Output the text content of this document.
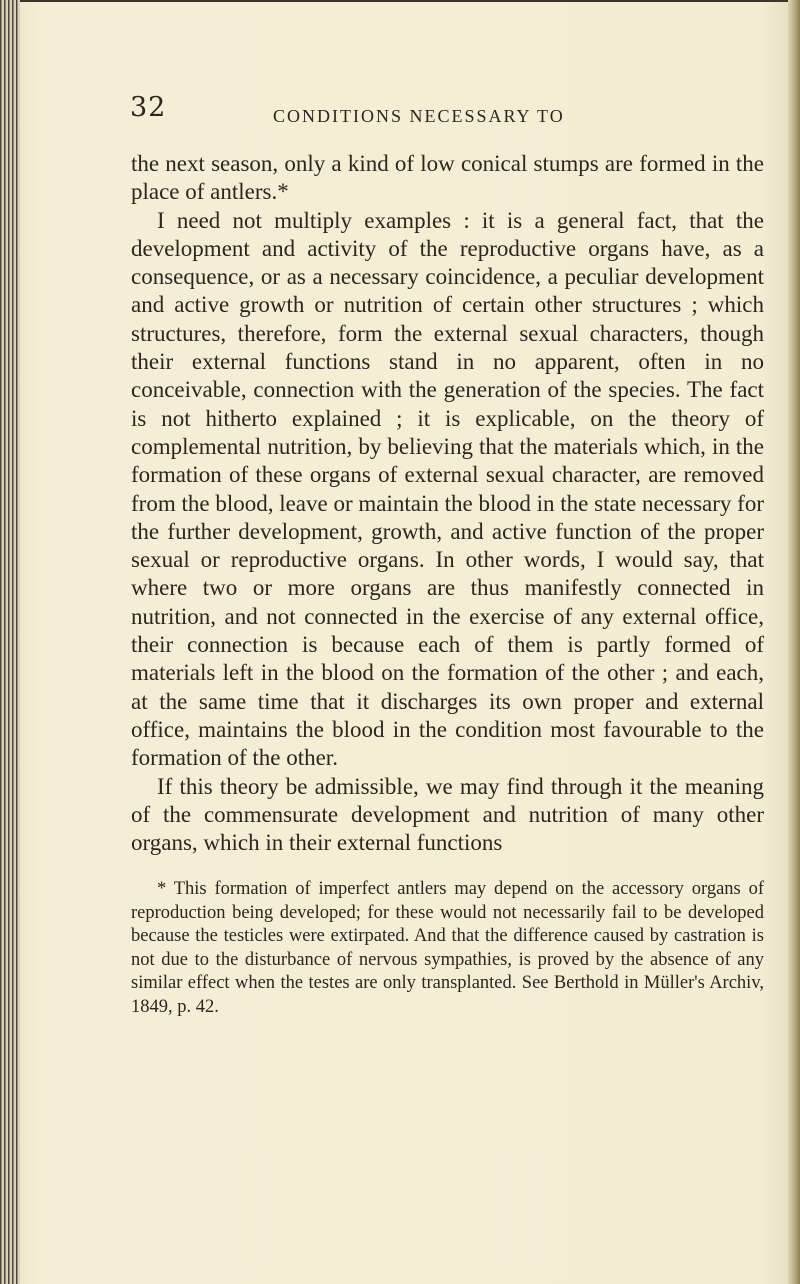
32	CONDITIONS NECESSARY TO

the next season, only a kind of low conical stumps are formed in the place of antlers.*

I need not multiply examples : it is a general fact, that the development and activity of the reproductive organs have, as a consequence, or as a necessary coincidence, a peculiar development and active growth or nutrition of certain other structures ; which structures, therefore, form the external sexual characters, though their external functions stand in no apparent, often in no conceivable, connection with the generation of the species. The fact is not hitherto explained ; it is explicable, on the theory of complemental nutrition, by believing that the materials which, in the formation of these organs of external sexual character, are removed from the blood, leave or maintain the blood in the state necessary for the further development, growth, and active function of the proper sexual or reproductive organs. In other words, I would say, that where two or more organs are thus manifestly connected in nutrition, and not connected in the exercise of any external office, their connection is because each of them is partly formed of materials left in the blood on the formation of the other ; and each, at the same time that it discharges its own proper and external office, maintains the blood in the condition most favourable to the formation of the other.

If this theory be admissible, we may find through it the meaning of the commensurate development and nutrition of many other organs, which in their external functions

* This formation of imperfect antlers may depend on the accessory organs of reproduction being developed; for these would not necessarily fail to be developed because the testicles were extirpated. And that the difference caused by castration is not due to the disturbance of nervous sympathies, is proved by the absence of any similar effect when the testes are only transplanted. See Berthold in Müller's Archiv, 1849, p. 42.
